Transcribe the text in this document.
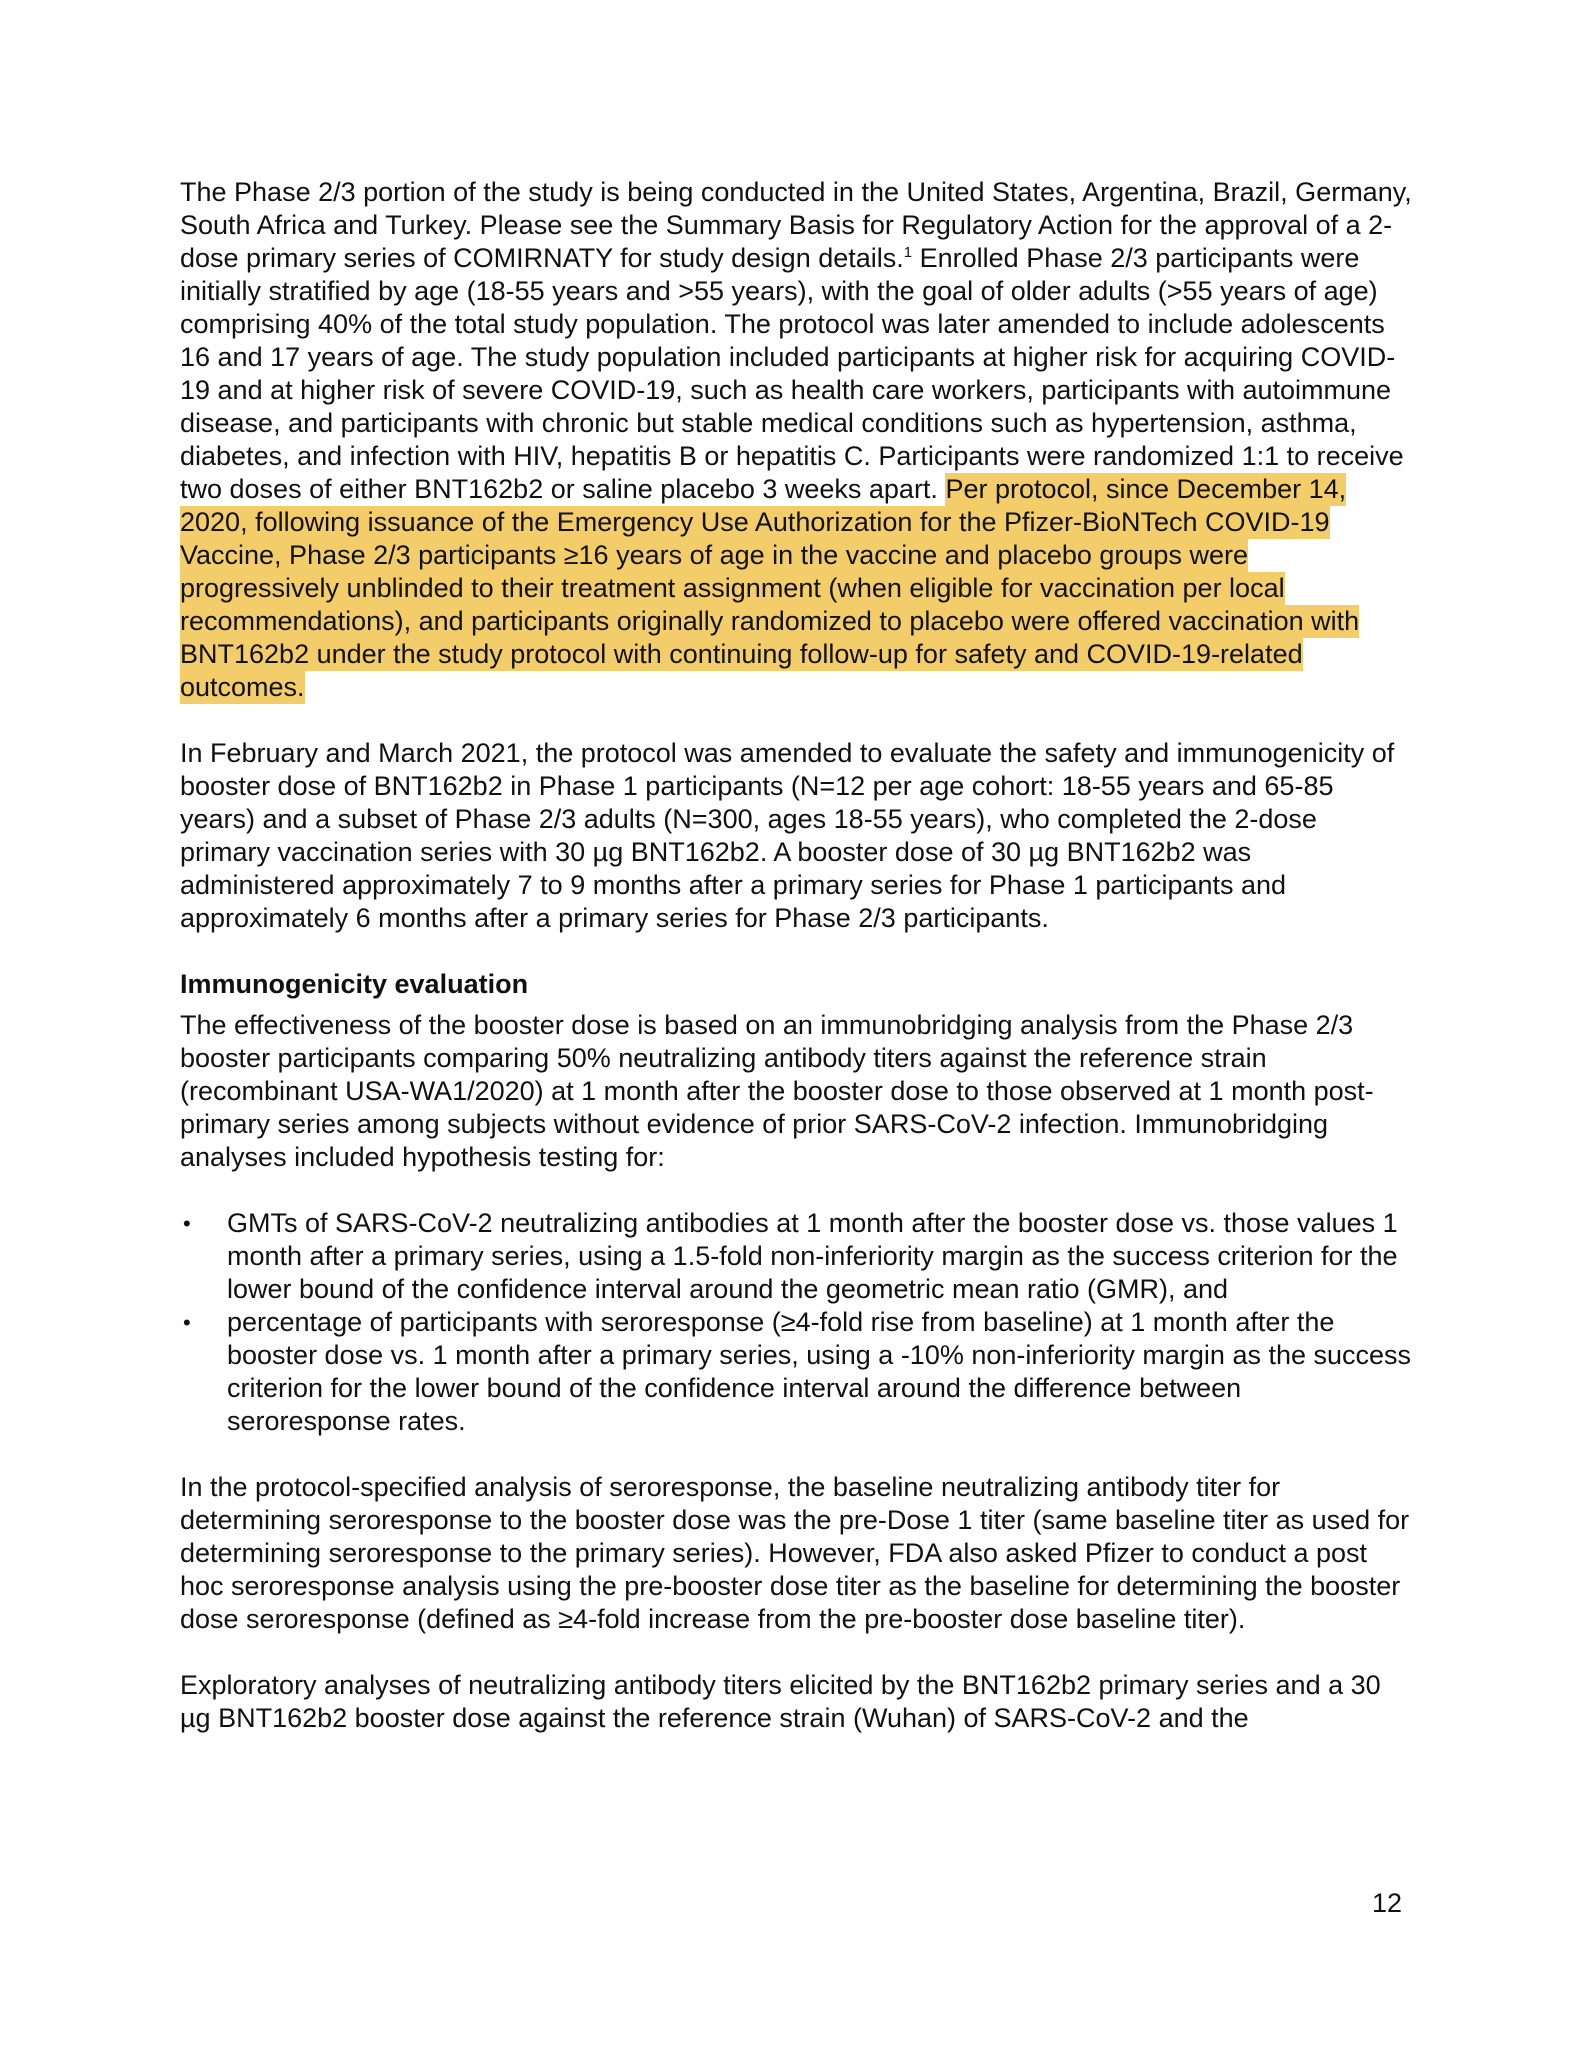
The Phase 2/3 portion of the study is being conducted in the United States, Argentina, Brazil, Germany, South Africa and Turkey. Please see the Summary Basis for Regulatory Action for the approval of a 2-dose primary series of COMIRNATY for study design details.$^1$ Enrolled Phase 2/3 participants were initially stratified by age (18-55 years and >55 years), with the goal of older adults (>55 years of age) comprising 40% of the total study population. The protocol was later amended to include adolescents 16 and 17 years of age. The study population included participants at higher risk for acquiring COVID-19 and at higher risk of severe COVID-19, such as health care workers, participants with autoimmune disease, and participants with chronic but stable medical conditions such as hypertension, asthma, diabetes, and infection with HIV, hepatitis B or hepatitis C. Participants were randomized 1:1 to receive two doses of either BNT162b2 or saline placebo 3 weeks apart. Per protocol, since December 14, 2020, following issuance of the Emergency Use Authorization for the Pfizer-BioNTech COVID-19 Vaccine, Phase 2/3 participants ≥16 years of age in the vaccine and placebo groups were progressively unblinded to their treatment assignment (when eligible for vaccination per local recommendations), and participants originally randomized to placebo were offered vaccination with BNT162b2 under the study protocol with continuing follow-up for safety and COVID-19-related outcomes.

In February and March 2021, the protocol was amended to evaluate the safety and immunogenicity of booster dose of BNT162b2 in Phase 1 participants (N=12 per age cohort: 18-55 years and 65-85 years) and a subset of Phase 2/3 adults (N=300, ages 18-55 years), who completed the 2-dose primary vaccination series with 30 µg BNT162b2. A booster dose of 30 µg BNT162b2 was administered approximately 7 to 9 months after a primary series for Phase 1 participants and approximately 6 months after a primary series for Phase 2/3 participants.

Immunogenicity evaluation

The effectiveness of the booster dose is based on an immunobridging analysis from the Phase 2/3 booster participants comparing 50% neutralizing antibody titers against the reference strain (recombinant USA-WA1/2020) at 1 month after the booster dose to those observed at 1 month post-primary series among subjects without evidence of prior SARS-CoV-2 infection. Immunobridging analyses included hypothesis testing for:

• GMTs of SARS-CoV-2 neutralizing antibodies at 1 month after the booster dose vs. those values 1 month after a primary series, using a 1.5-fold non-inferiority margin as the success criterion for the lower bound of the confidence interval around the geometric mean ratio (GMR), and
• percentage of participants with seroresponse (≥4-fold rise from baseline) at 1 month after the booster dose vs. 1 month after a primary series, using a -10% non-inferiority margin as the success criterion for the lower bound of the confidence interval around the difference between seroresponse rates.

In the protocol-specified analysis of seroresponse, the baseline neutralizing antibody titer for determining seroresponse to the booster dose was the pre-Dose 1 titer (same baseline titer as used for determining seroresponse to the primary series). However, FDA also asked Pfizer to conduct a post hoc seroresponse analysis using the pre-booster dose titer as the baseline for determining the booster dose seroresponse (defined as ≥4-fold increase from the pre-booster dose baseline titer).

Exploratory analyses of neutralizing antibody titers elicited by the BNT162b2 primary series and a 30 µg BNT162b2 booster dose against the reference strain (Wuhan) of SARS-CoV-2 and the

12
